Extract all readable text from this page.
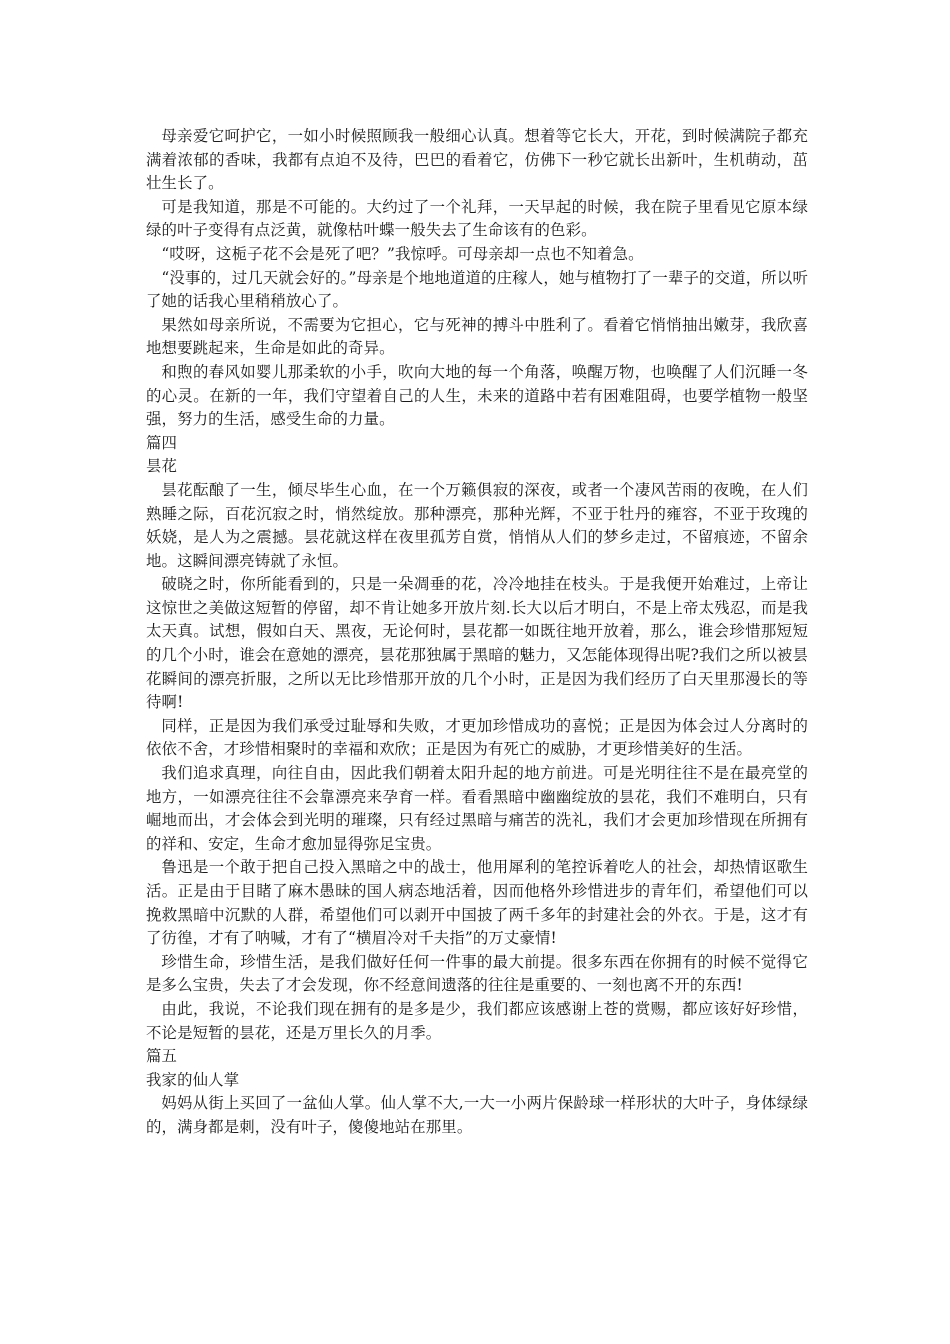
母亲爱它呵护它，一如小时候照顾我一般细心认真。想着等它长大，开花，到时候满院子都充满着浓郁的香味，我都有点迫不及待，巴巴的看着它，仿佛下一秒它就长出新叶，生机萌动，茁壮生长了。

可是我知道，那是不可能的。大约过了一个礼拜，一天早起的时候，我在院子里看见它原本绿绿的叶子变得有点泛黄，就像枯叶蝶一般失去了生命该有的色彩。

“哎呀，这栀子花不会是死了吧？”我惊呼。可母亲却一点也不知着急。

“没事的，过几天就会好的。”母亲是个地地道道的庄稼人，她与植物打了一辈子的交道，所以听了她的话我心里稍稍放心了。

果然如母亲所说，不需要为它担心，它与死神的搏斗中胜利了。看着它悄悄抽出嫩芽，我欣喜地想要跳起来，生命是如此的奇异。

和煦的春风如婴儿那柔软的小手，吹向大地的每一个角落，唤醒万物，也唤醒了人们沉睡一冬的心灵。在新的一年，我们守望着自己的人生，未来的道路中若有困难阻碍，也要学植物一般坚强，努力的生活，感受生命的力量。

篇四

昙花

昙花酝酿了一生，倾尽毕生心血，在一个万籁俱寂的深夜，或者一个凄风苦雨的夜晚，在人们熟睡之际，百花沉寂之时，悄然绽放。那种漂亮，那种光辉，不亚于牡丹的雍容，不亚于玫瑰的妖娆，是人为之震撼。昙花就这样在夜里孤芳自赏，悄悄从人们的梦乡走过，不留痕迹，不留余地。这瞬间漂亮铸就了永恒。

破晓之时，你所能看到的，只是一朵凋垂的花，冷冷地挂在枝头。于是我便开始难过，上帝让这惊世之美做这短暂的停留，却不肯让她多开放片刻.长大以后才明白，不是上帝太残忍，而是我太天真。试想，假如白天、黑夜，无论何时，昙花都一如既往地开放着，那么，谁会珍惜那短短的几个小时，谁会在意她的漂亮，昙花那独属于黑暗的魅力，又怎能体现得出呢?我们之所以被昙花瞬间的漂亮折服，之所以无比珍惜那开放的几个小时，正是因为我们经历了白天里那漫长的等待啊!

同样，正是因为我们承受过耻辱和失败，才更加珍惜成功的喜悦；正是因为体会过人分离时的依依不舍，才珍惜相聚时的幸福和欢欣；正是因为有死亡的威胁，才更珍惜美好的生活。

我们追求真理，向往自由，因此我们朝着太阳升起的地方前进。可是光明往往不是在最亮堂的地方，一如漂亮往往不会靠漂亮来孕育一样。看看黑暗中幽幽绽放的昙花，我们不难明白，只有崛地而出，才会体会到光明的璀璨，只有经过黑暗与痛苦的洗礼，我们才会更加珍惜现在所拥有的祥和、安定，生命才愈加显得弥足宝贵。

鲁迅是一个敢于把自己投入黑暗之中的战士，他用犀利的笔控诉着吃人的社会，却热情讴歌生活。正是由于目睹了麻木愚昧的国人病态地活着，因而他格外珍惜进步的青年们，希望他们可以挽救黑暗中沉默的人群，希望他们可以剥开中国披了两千多年的封建社会的外衣。于是，这才有了彷徨，才有了呐喊，才有了“横眉冷对千夫指”的万丈豪情!

珍惜生命，珍惜生活，是我们做好任何一件事的最大前提。很多东西在你拥有的时候不觉得它是多么宝贵，失去了才会发现，你不经意间遗落的往往是重要的、一刻也离不开的东西!

由此，我说，不论我们现在拥有的是多是少，我们都应该感谢上苍的赏赐，都应该好好珍惜，不论是短暂的昙花，还是万里长久的月季。

篇五

我家的仙人掌

妈妈从街上买回了一盆仙人掌。仙人掌不大,一大一小两片保龄球一样形状的大叶子，身体绿绿的，满身都是刺，没有叶子，傻傻地站在那里。
